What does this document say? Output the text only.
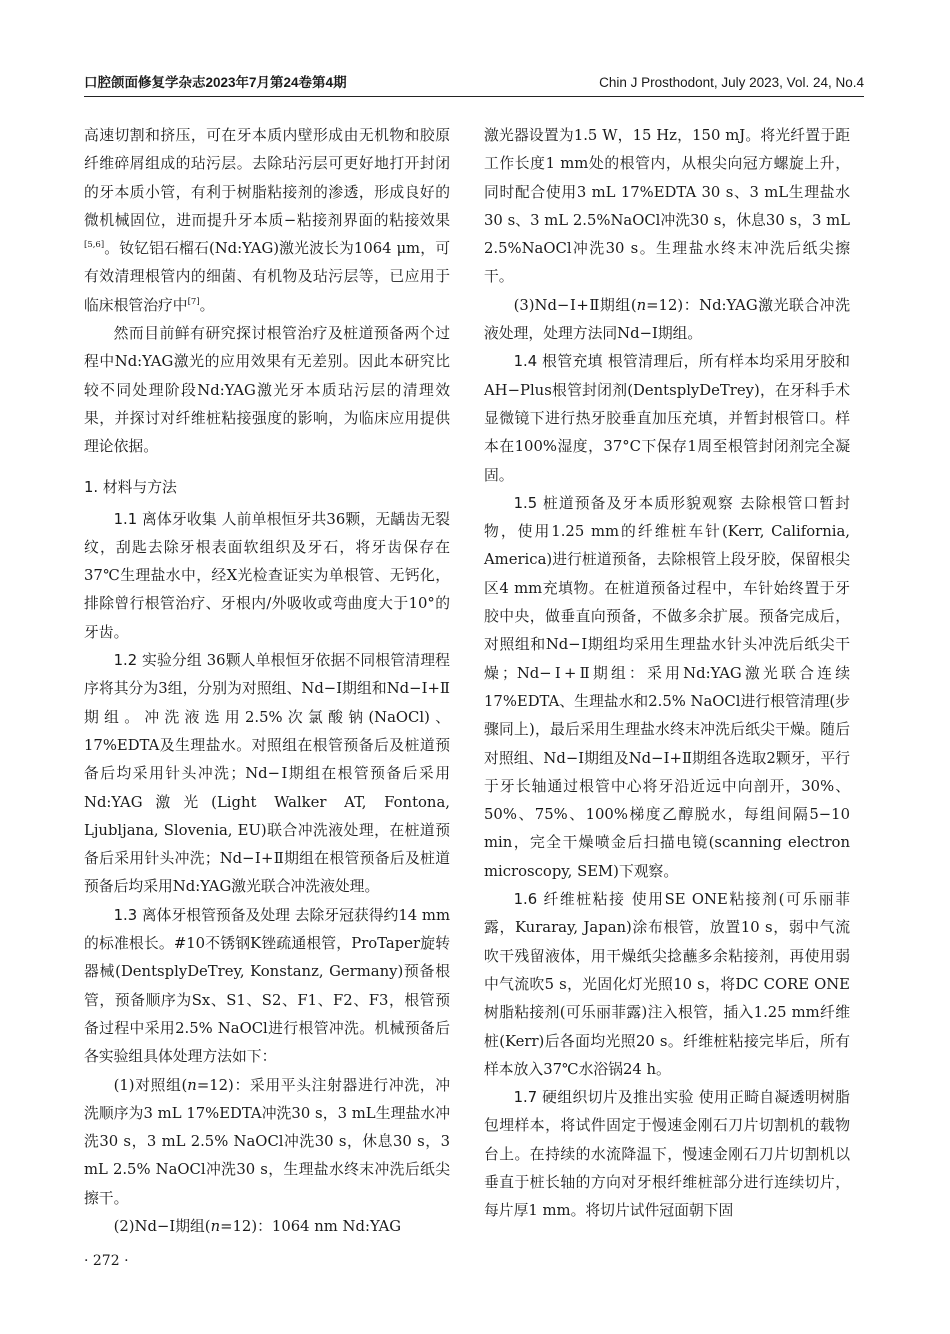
口腔颌面修复学杂志2023年7月第24卷第4期	Chin J Prosthodont, July 2023, Vol. 24, No.4

高速切割和挤压，可在牙本质内壁形成由无机物和胶原纤维碎屑组成的玷污层。去除玷污层可更好地打开封闭的牙本质小管，有利于树脂粘接剂的渗透，形成良好的微机械固位，进而提升牙本质−粘接剂界面的粘接效果[5,6]。钕钇铝石榴石(Nd:YAG)激光波长为1064 μm，可有效清理根管内的细菌、有机物及玷污层等，已应用于临床根管治疗中[7]。

然而目前鲜有研究探讨根管治疗及桩道预备两个过程中Nd:YAG激光的应用效果有无差别。因此本研究比较不同处理阶段Nd:YAG激光牙本质玷污层的清理效果，并探讨对纤维桩粘接强度的影响，为临床应用提供理论依据。

1. 材料与方法

1.1 离体牙收集 人前单根恒牙共36颗，无龋齿无裂纹，刮匙去除牙根表面软组织及牙石，将牙齿保存在37℃生理盐水中，经X光检查证实为单根管、无钙化，排除曾行根管治疗、牙根内/外吸收或弯曲度大于10°的牙齿。

1.2 实验分组 36颗人单根恒牙依据不同根管清理程序将其分为3组，分别为对照组、Nd−Ⅰ期组和Nd−Ⅰ+Ⅱ期组。冲洗液选用2.5%次氯酸钠(NaOCl)、17%EDTA及生理盐水。对照组在根管预备后及桩道预备后均采用针头冲洗；Nd−Ⅰ期组在根管预备后采用Nd:YAG激光(Light Walker AT, Fontona, Ljubljana, Slovenia, EU)联合冲洗液处理，在桩道预备后采用针头冲洗；Nd−Ⅰ+Ⅱ期组在根管预备后及桩道预备后均采用Nd:YAG激光联合冲洗液处理。

1.3 离体牙根管预备及处理 去除牙冠获得约14 mm的标准根长。#10不锈钢K锉疏通根管，ProTaper旋转器械(DentsplyDeTrey, Konstanz, Germany)预备根管，预备顺序为Sx、S1、S2、F1、F2、F3，根管预备过程中采用2.5% NaOCl进行根管冲洗。机械预备后各实验组具体处理方法如下：

(1)对照组(n=12)：采用平头注射器进行冲洗，冲洗顺序为3 mL 17%EDTA冲洗30 s，3 mL生理盐水冲洗30 s，3 mL 2.5% NaOCl冲洗30 s，休息30 s，3 mL 2.5% NaOCl冲洗30 s，生理盐水终末冲洗后纸尖擦干。

(2)Nd−Ⅰ期组(n=12)：1064 nm Nd:YAG

激光器设置为1.5 W，15 Hz，150 mJ。将光纤置于距工作长度1 mm处的根管内，从根尖向冠方螺旋上升，同时配合使用3 mL 17%EDTA 30 s、3 mL生理盐水30 s、3 mL 2.5%NaOCl冲洗30 s，休息30 s，3 mL 2.5%NaOCl冲洗30 s。生理盐水终末冲洗后纸尖擦干。

(3)Nd−Ⅰ+Ⅱ期组(n=12)：Nd:YAG激光联合冲洗液处理，处理方法同Nd−Ⅰ期组。

1.4 根管充填 根管清理后，所有样本均采用牙胶和AH−Plus根管封闭剂(DentsplyDeTrey)，在牙科手术显微镜下进行热牙胶垂直加压充填，并暂封根管口。样本在100%湿度，37°C下保存1周至根管封闭剂完全凝固。

1.5 桩道预备及牙本质形貌观察 去除根管口暂封物，使用1.25 mm的纤维桩车针(Kerr, California, America)进行桩道预备，去除根管上段牙胶，保留根尖区4 mm充填物。在桩道预备过程中，车针始终置于牙胶中央，做垂直向预备，不做多余扩展。预备完成后，对照组和Nd−Ⅰ期组均采用生理盐水针头冲洗后纸尖干燥；Nd−Ⅰ+Ⅱ期组：采用Nd:YAG激光联合连续17%EDTA、生理盐水和2.5% NaOCl进行根管清理(步骤同上)，最后采用生理盐水终末冲洗后纸尖干燥。随后对照组、Nd−Ⅰ期组及Nd−Ⅰ+Ⅱ期组各选取2颗牙，平行于牙长轴通过根管中心将牙沿近远中向剖开，30%、50%、75%、100%梯度乙醇脱水，每组间隔5−10 min，完全干燥喷金后扫描电镜(scanning electron microscopy, SEM)下观察。

1.6 纤维桩粘接 使用SE ONE粘接剂(可乐丽菲露，Kuraray, Japan)涂布根管，放置10 s，弱中气流吹干残留液体，用干燥纸尖捻蘸多余粘接剂，再使用弱中气流吹5 s，光固化灯光照10 s，将DC CORE ONE树脂粘接剂(可乐丽菲露)注入根管，插入1.25 mm纤维桩(Kerr)后各面均光照20 s。纤维桩粘接完毕后，所有样本放入37℃水浴锅24 h。

1.7 硬组织切片及推出实验 使用正畸自凝透明树脂包埋样本，将试件固定于慢速金刚石刀片切割机的载物台上。在持续的水流降温下，慢速金刚石刀片切割机以垂直于桩长轴的方向对牙根纤维桩部分进行连续切片，每片厚1 mm。将切片试件冠面朝下固

· 272 ·
